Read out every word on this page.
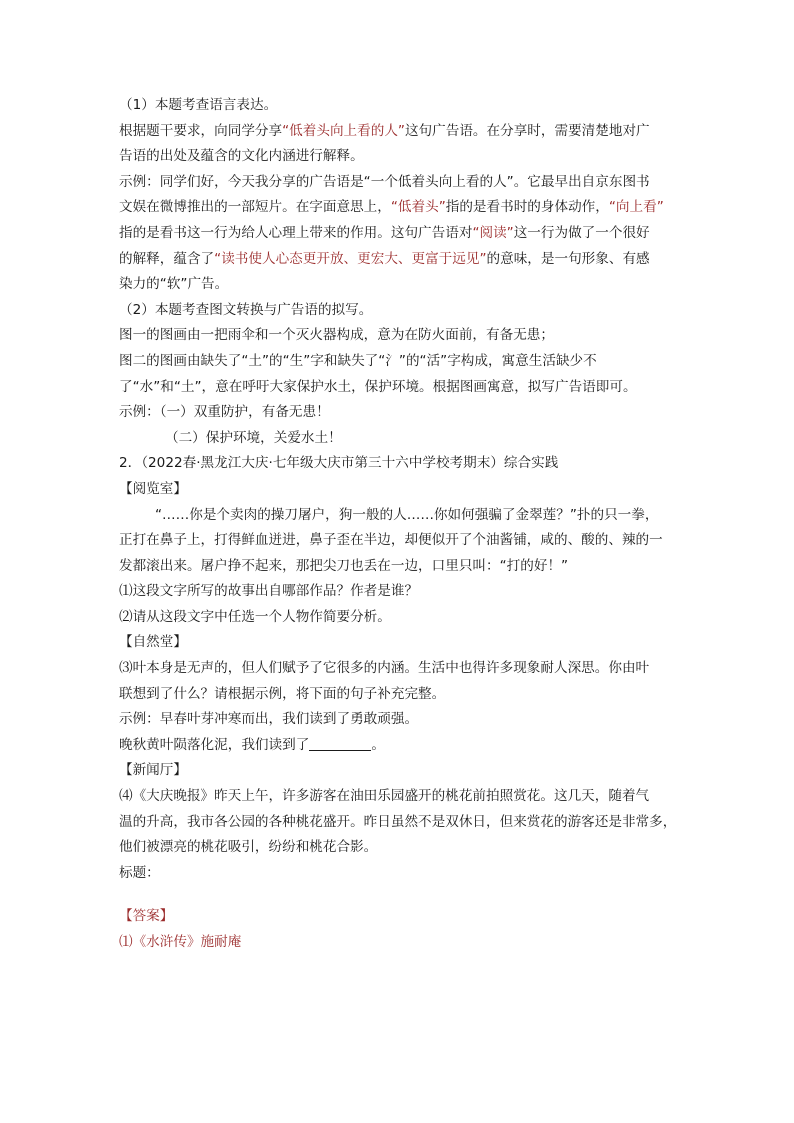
（1）本题考查语言表达。

根据题干要求，向同学分享“低着头向上看的人”这句广告语。在分享时，需要清楚地对广

告语的出处及蕴含的文化内涵进行解释。

示例：同学们好，今天我分享的广告语是“一个低着头向上看的人”。它最早出自京东图书

文娱在微博推出的一部短片。在字面意思上，“低着头”指的是看书时的身体动作，“向上看”

指的是看书这一行为给人心理上带来的作用。这句广告语对“阅读”这一行为做了一个很好

的解释，蕴含了“读书使人心态更开放、更宏大、更富于远见”的意味，是一句形象、有感

染力的“软”广告。

（2）本题考查图文转换与广告语的拟写。

图一的图画由一把雨伞和一个灭火器构成，意为在防火面前，有备无患；

图二的图画由缺失了“土”的“生”字和缺失了“氵”的“活”字构成，寓意生活缺少不

了“水”和“土”，意在呼吁大家保护水土，保护环境。根据图画寓意，拟写广告语即可。

示例：（一）双重防护，有备无患！

（二）保护环境，关爱水土！

2．（2022春·黑龙江大庆·七年级大庆市第三十六中学校考期末）综合实践

【阅览室】

“……你是个卖肉的操刀屠户，狗一般的人……你如何强骗了金翠莲？”扑的只一拳，

正打在鼻子上，打得鲜血迸进，鼻子歪在半边，却便似开了个油酱铺，咸的、酸的、辣的一

发都滚出来。屠户挣不起来，那把尖刀也丢在一边，口里只叫：“打的好！”

⑴这段文字所写的故事出自哪部作品？作者是谁？

⑵请从这段文字中任选一个人物作简要分析。

【自然堂】

⑶叶本身是无声的，但人们赋予了它很多的内涵。生活中也得许多现象耐人深思。你由叶

联想到了什么？请根据示例，将下面的句子补充完整。

示例：早春叶芽冲寒而出，我们读到了勇敢顽强。

晚秋黄叶陨落化泥，我们读到了	。

【新闻厅】

⑷《大庆晚报》昨天上午，许多游客在油田乐园盛开的桃花前拍照赏花。这几天，随着气

温的升高，我市各公园的各种桃花盛开。昨日虽然不是双休日，但来赏花的游客还是非常多，

他们被漂亮的桃花吸引，纷纷和桃花合影。

标题：

【答案】

⑴《水浒传》施耐庵
